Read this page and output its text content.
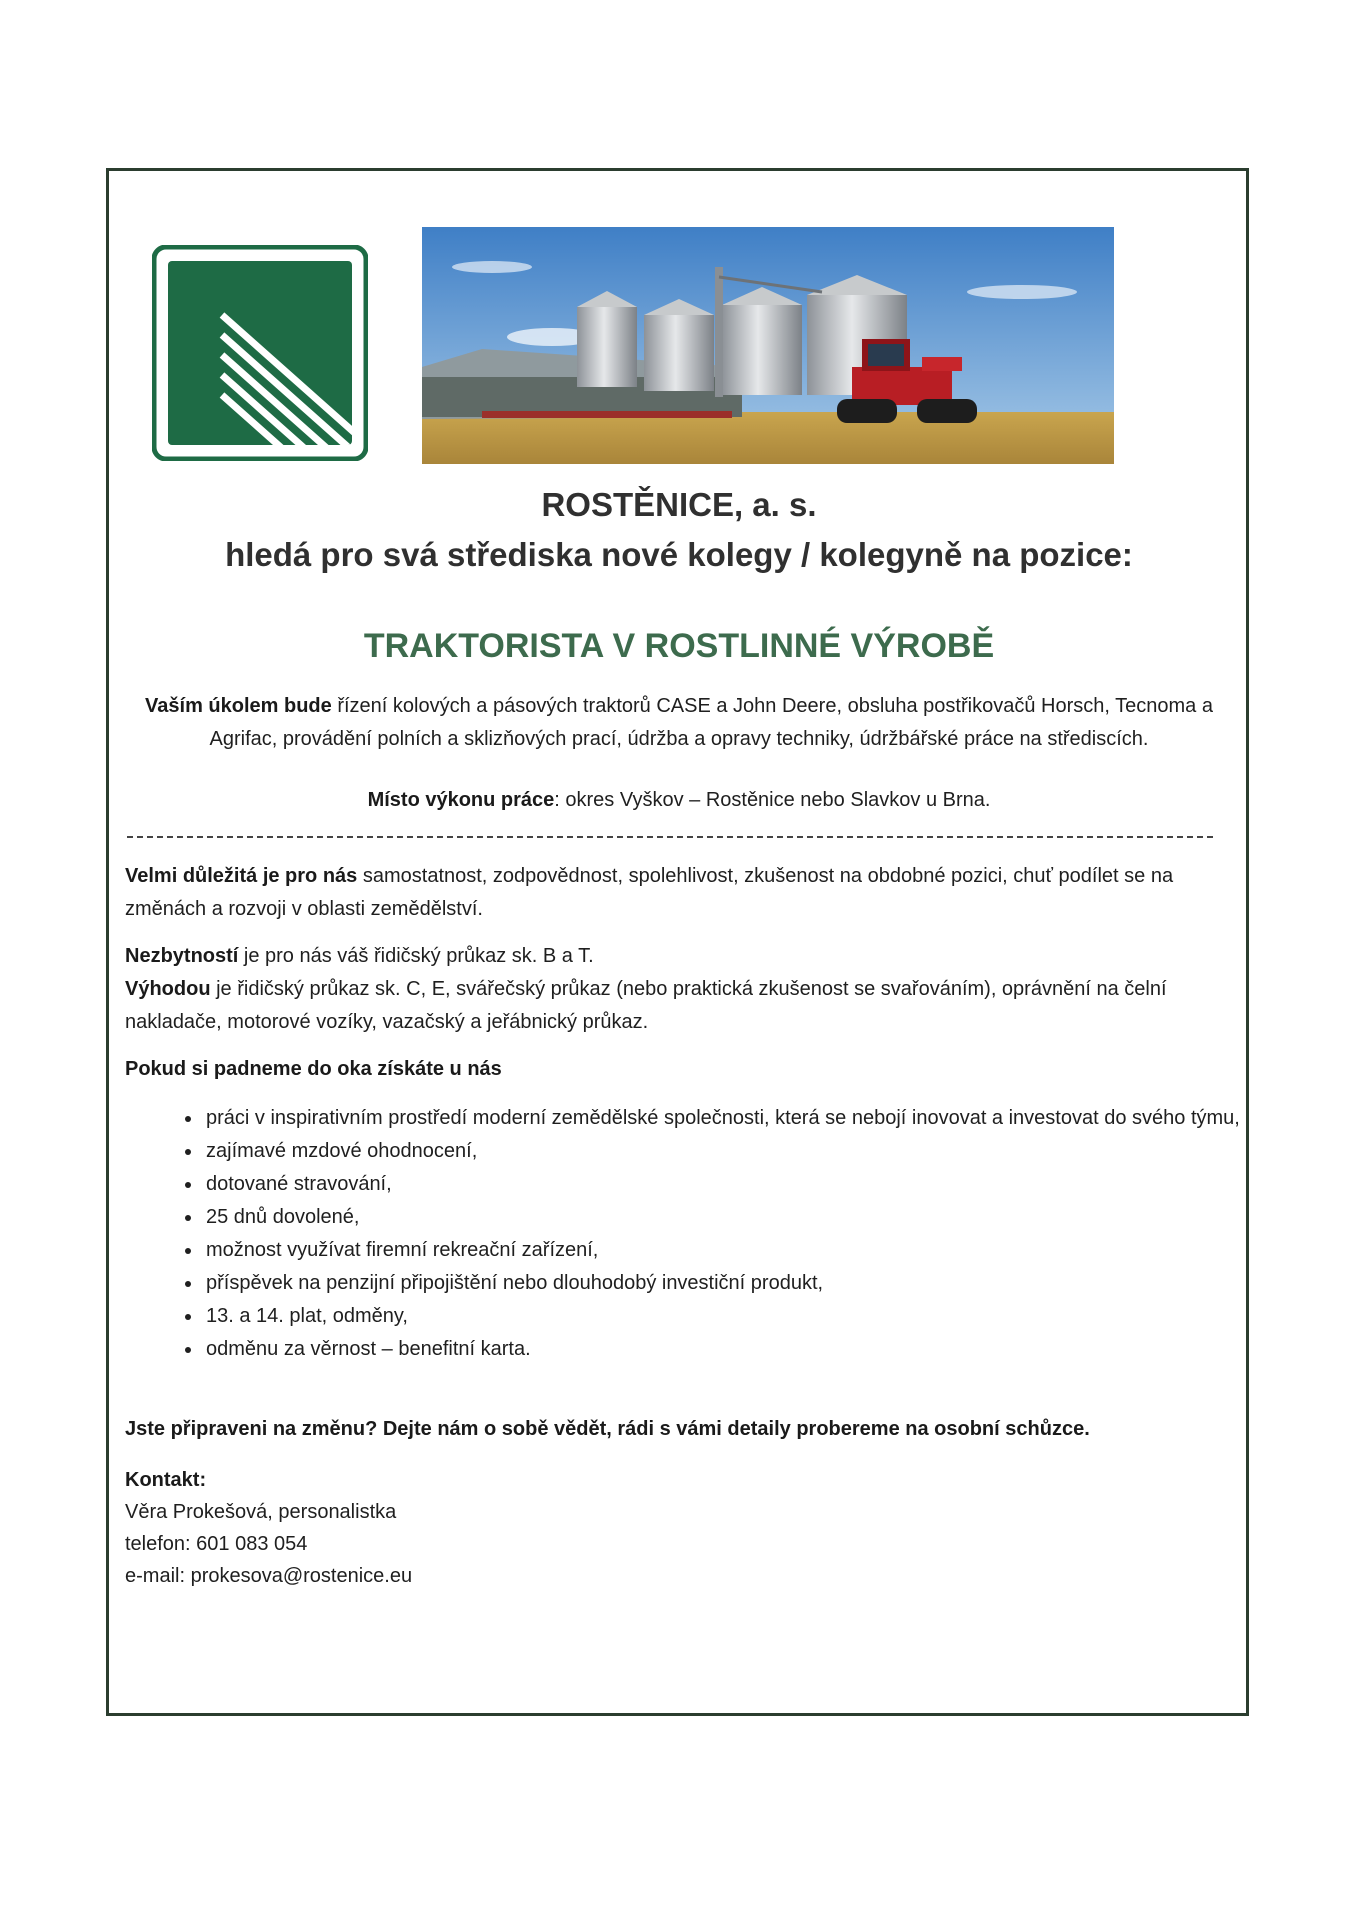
ROSTĚNICE, a. s.
hledá pro svá střediska nové kolegy / kolegyně na pozice:
TRAKTORISTA V ROSTLINNÉ VÝROBĚ

Vaším úkolem bude řízení kolových a pásových traktorů CASE a John Deere, obsluha postřikovačů Horsch, Tecnoma a Agrifac, provádění polních a sklizňových prací, údržba a opravy techniky, údržbářské práce na střediscích.

Místo výkonu práce: okres Vyškov – Rostěnice nebo Slavkov u Brna.

Velmi důležitá je pro nás samostatnost, zodpovědnost, spolehlivost, zkušenost na obdobné pozici, chuť podílet se na změnách a rozvoji v oblasti zemědělství.

Nezbytností je pro nás váš řidičský průkaz sk. B a T.

Výhodou je řidičský průkaz sk. C, E, svářečský průkaz (nebo praktická zkušenost se svařováním), oprávnění na čelní nakladače, motorové vozíky, vazačský a jeřábnický průkaz.

Pokud si padneme do oka získáte u nás

• práci v inspirativním prostředí moderní zemědělské společnosti, která se nebojí inovovat a investovat do svého týmu,
• zajímavé mzdové ohodnocení,
• dotované stravování,
• 25 dnů dovolené,
• možnost využívat firemní rekreační zařízení,
• příspěvek na penzijní připojištění nebo dlouhodobý investiční produkt,
• 13. a 14. plat, odměny,
• odměnu za věrnost – benefitní karta.

Jste připraveni na změnu? Dejte nám o sobě vědět, rádi s vámi detaily probereme na osobní schůzce.

Kontakt:
Věra Prokešová, personalistka
telefon: 601 083 054
e-mail: prokesova@rostenice.eu
